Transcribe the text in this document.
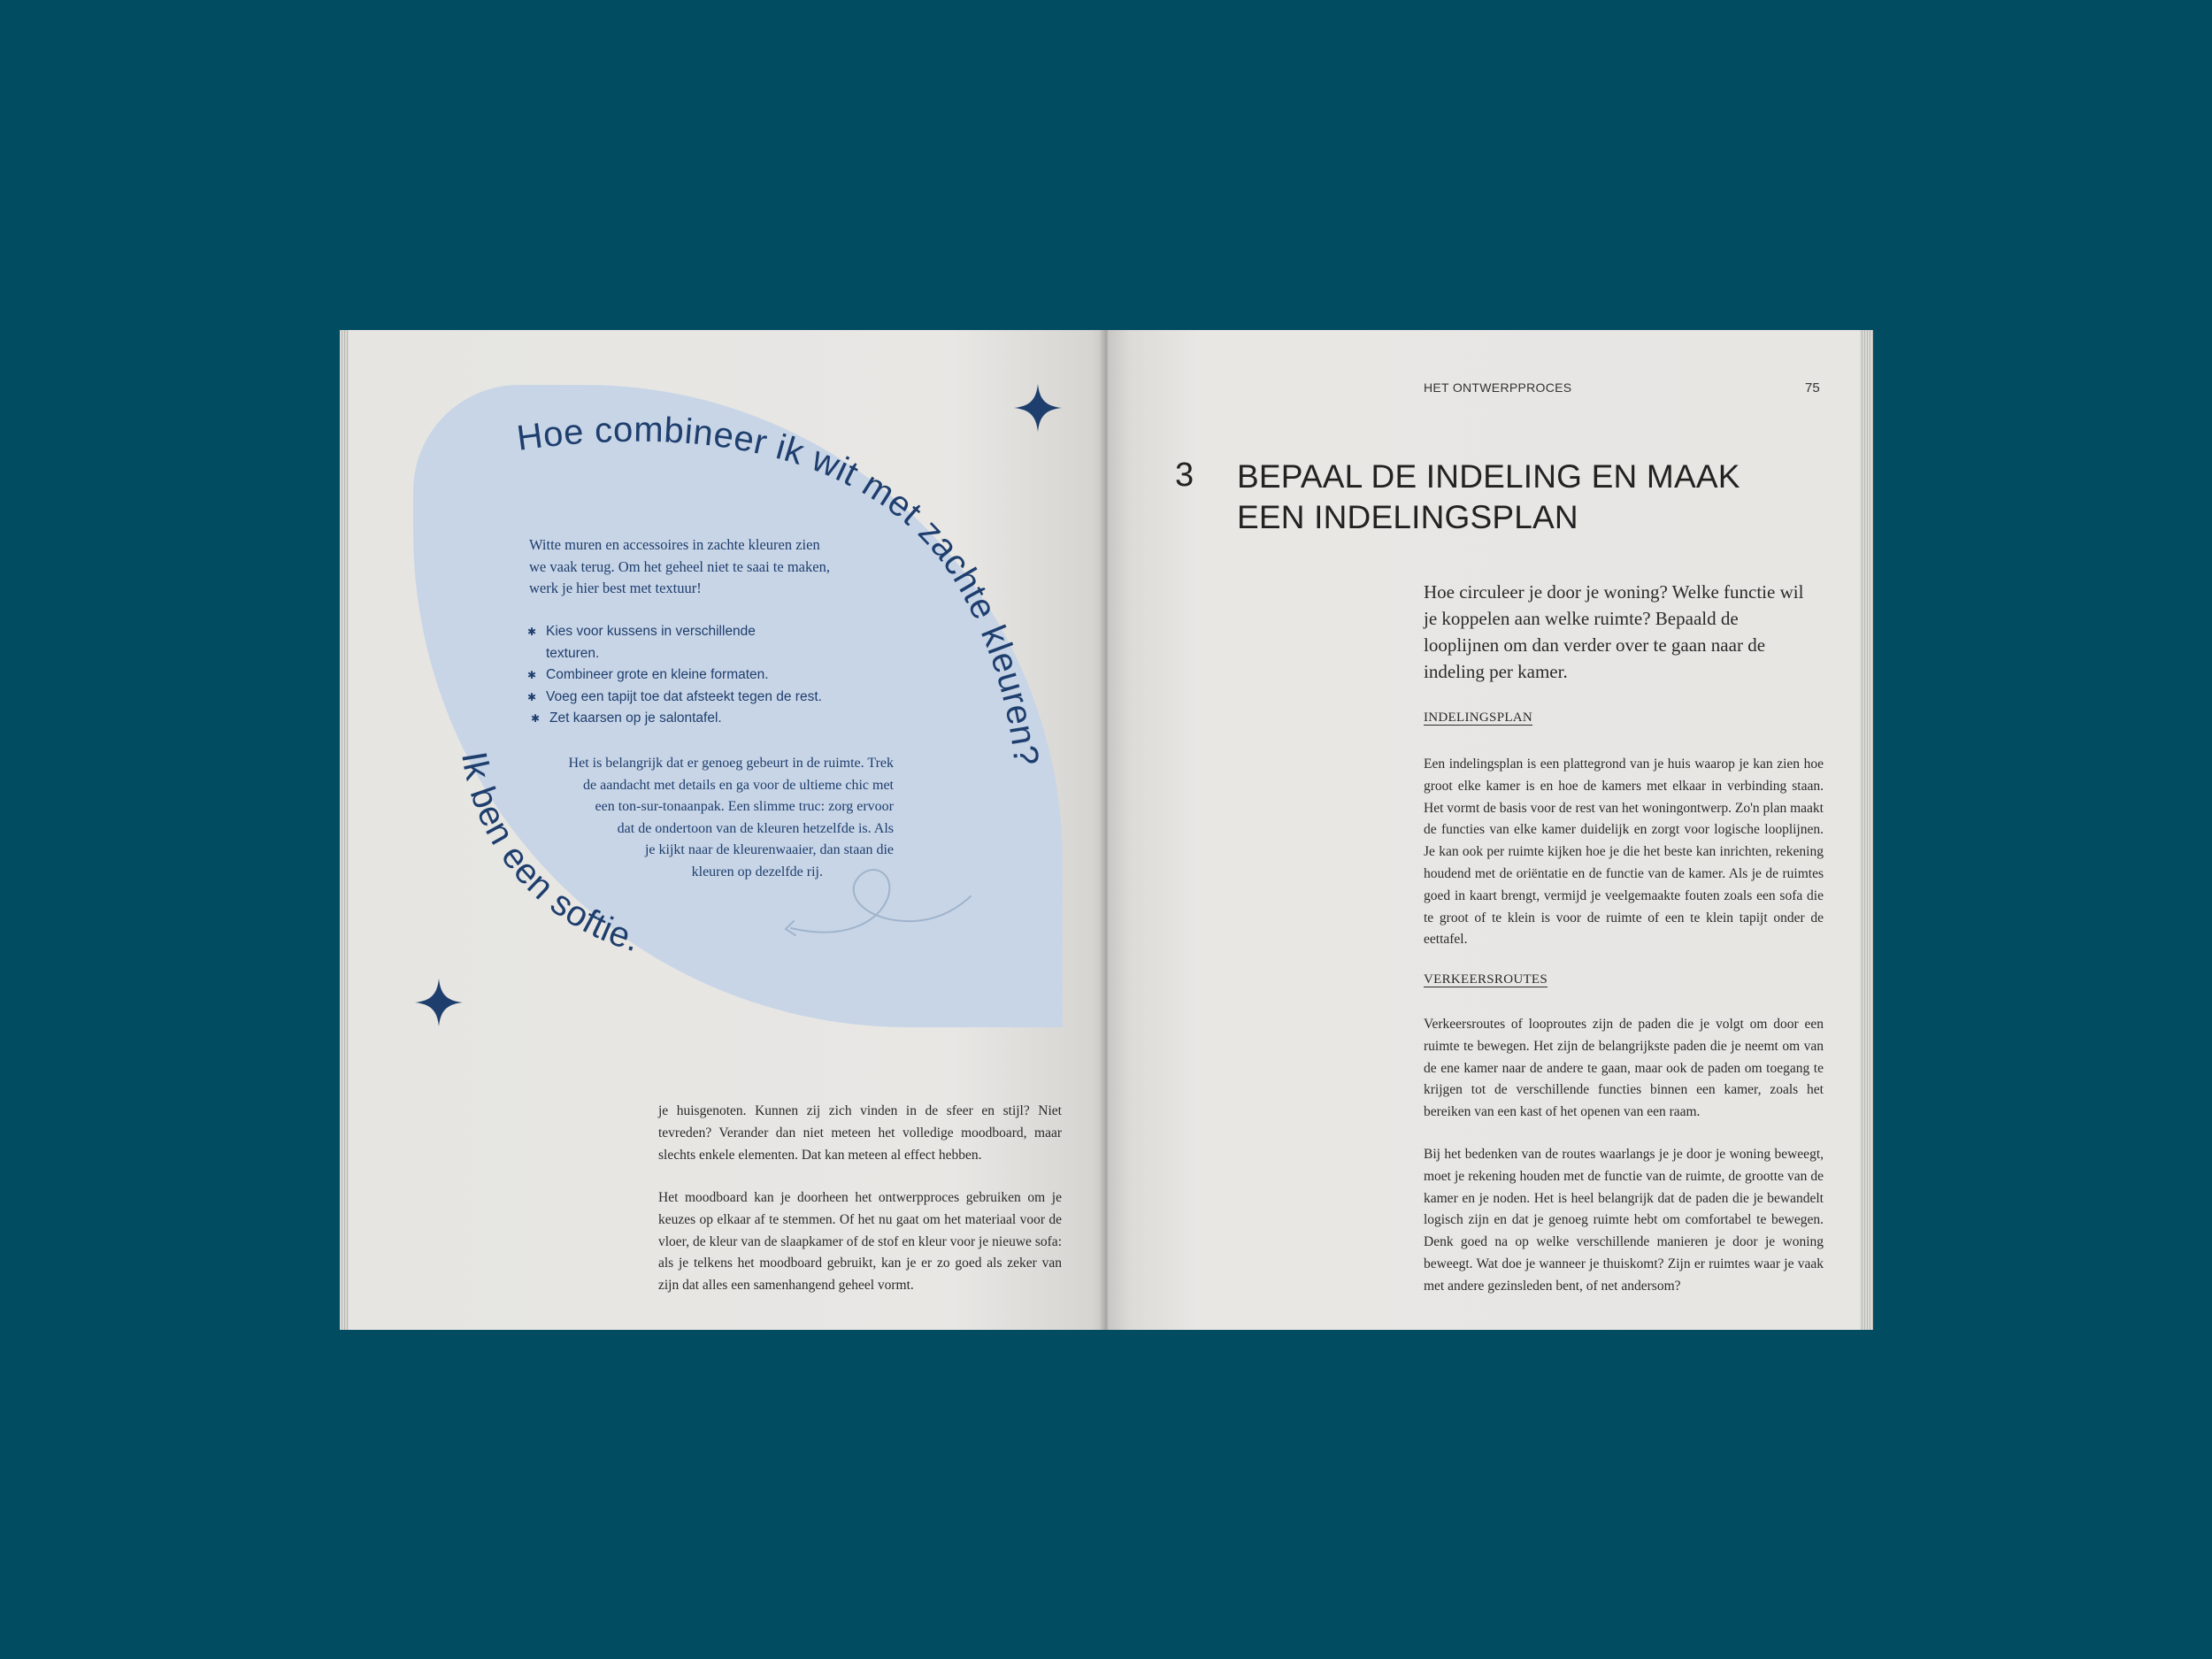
Hoe combineer ik wit met zachte kleuren?
Ik ben een softie.
Witte muren en accessoires in zachte kleuren zien
we vaak terug. Om het geheel niet te saai te maken,
werk je hier best met textuur!
✱ Kies voor kussens in verschillende
texturen.
✱ Combineer grote en kleine formaten.
✱ Voeg een tapijt toe dat afsteekt tegen de rest.
✱ Zet kaarsen op je salontafel.
Het is belangrijk dat er genoeg gebeurt in de ruimte. Trek
de aandacht met details en ga voor de ultieme chic met
een ton-sur-tonaanpak. Een slimme truc: zorg ervoor
dat de ondertoon van de kleuren hetzelfde is. Als
je kijkt naar de kleurenwaaier, dan staan die
kleuren op dezelfde rij.
je huisgenoten. Kunnen zij zich vinden in de sfeer en stijl? Niet tevreden? Verander dan niet meteen het volledige moodboard, maar slechts enkele elementen. Dat kan meteen al effect hebben.
Het moodboard kan je doorheen het ontwerpproces gebruiken om je keuzes op elkaar af te stemmen. Of het nu gaat om het materiaal voor de vloer, de kleur van de slaapkamer of de stof en kleur voor je nieuwe sofa: als je telkens het moodboard gebruikt, kan je er zo goed als zeker van zijn dat alles een samenhangend geheel vormt.
HET ONTWERPPROCES	75
3 BEPAAL DE INDELING EN MAAK
EEN INDELINGSPLAN
Hoe circuleer je door je woning? Welke functie wil je koppelen aan welke ruimte? Bepaald de looplijnen om dan verder over te gaan naar de indeling per kamer.
INDELINGSPLAN
Een indelingsplan is een plattegrond van je huis waarop je kan zien hoe groot elke kamer is en hoe de kamers met elkaar in verbinding staan. Het vormt de basis voor de rest van het woningontwerp. Zo'n plan maakt de functies van elke kamer duidelijk en zorgt voor logische looplijnen. Je kan ook per ruimte kijken hoe je die het beste kan inrichten, rekening houdend met de oriëntatie en de functie van de kamer. Als je de ruimtes goed in kaart brengt, vermijd je veelgemaakte fouten zoals een sofa die te groot of te klein is voor de ruimte of een te klein tapijt onder de eettafel.
VERKEERSROUTES
Verkeersroutes of looproutes zijn de paden die je volgt om door een ruimte te bewegen. Het zijn de belangrijkste paden die je neemt om van de ene kamer naar de andere te gaan, maar ook de paden om toegang te krijgen tot de verschillende functies binnen een kamer, zoals het bereiken van een kast of het openen van een raam.
Bij het bedenken van de routes waarlangs je je door je woning beweegt, moet je rekening houden met de functie van de ruimte, de grootte van de kamer en je noden. Het is heel belangrijk dat de paden die je bewandelt logisch zijn en dat je genoeg ruimte hebt om comfortabel te bewegen. Denk goed na op welke verschillende manieren je door je woning beweegt. Wat doe je wanneer je thuiskomt? Zijn er ruimtes waar je vaak met andere gezinsleden bent, of net andersom?
